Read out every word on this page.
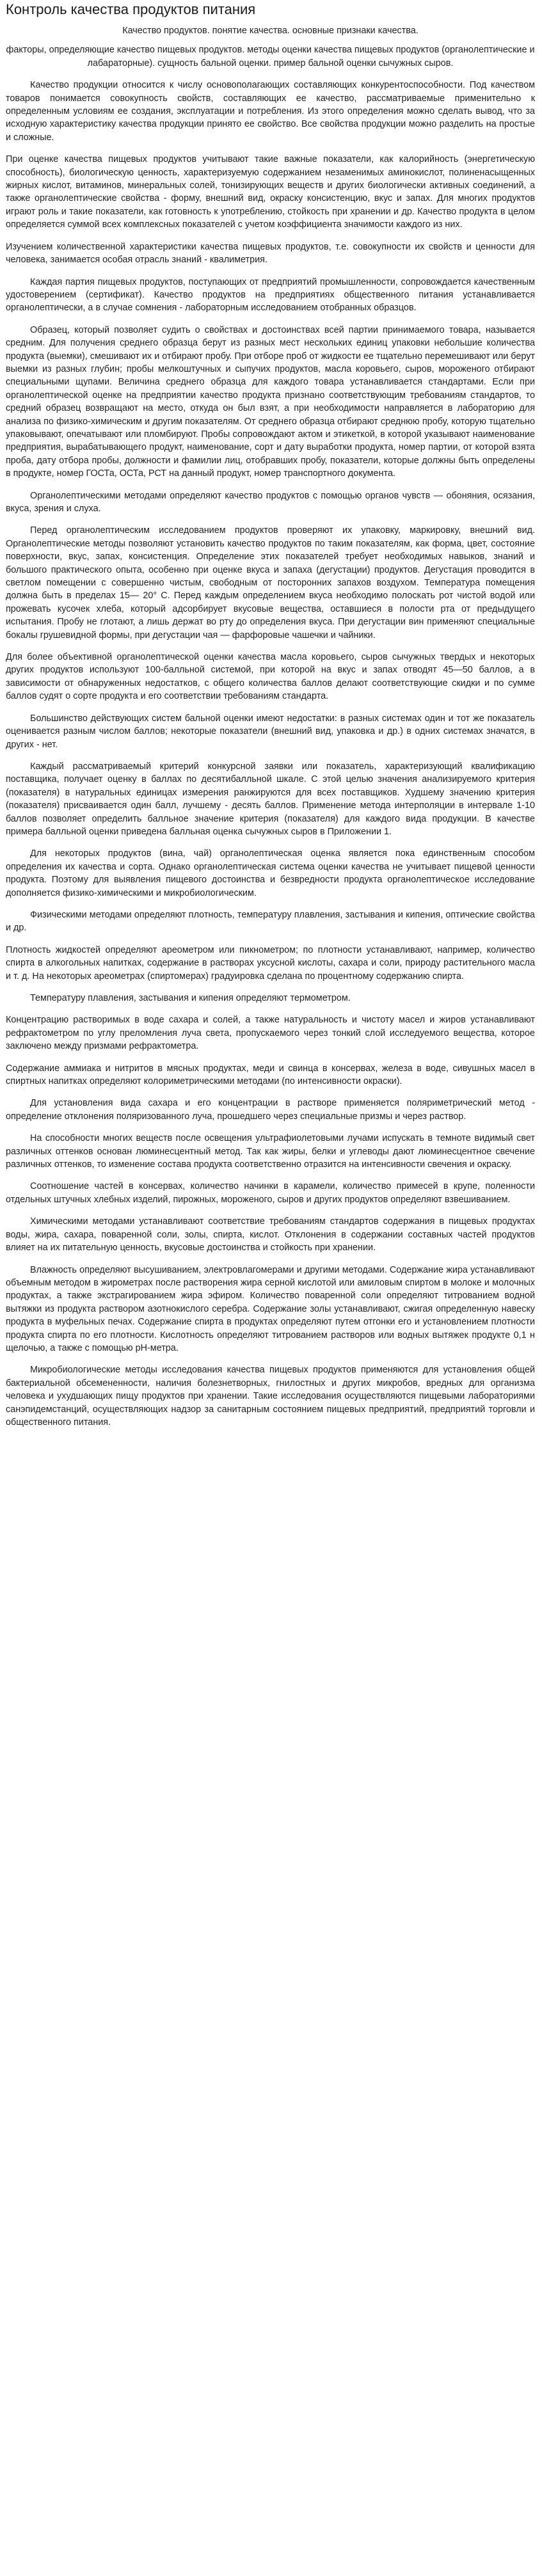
Контроль качества продуктов питания

Качество продуктов. понятие качества. основные признаки качества.

факторы, определяющие качество пищевых продуктов. методы оценки качества пищевых продуктов (органолептические и лабараторные). сущность бальной оценки. пример бальной оценки сычужных сыров.

Качество продукции относится к числу основополагающих составляющих конкурентоспособности. Под качеством товаров понимается совокупность свойств, составляющих ее качество, рассматриваемые применительно к определенным условиям ее создания, эксплуатации и потребления. Из этого определения можно сделать вывод, что за исходную характеристику качества продукции принято ее свойство. Все свойства продукции можно разделить на простые и сложные.

При оценке качества пищевых продуктов учитывают такие важные показатели, как калорийность (энергетическую способность), биологическую ценность, характеризуемую содержанием незаменимых аминокислот, полиненасыщенных жирных кислот, витаминов, минеральных солей, тонизирующих веществ и других биологически активных соединений, а также органолептические свойства - форму, внешний вид, окраску консистенцию, вкус и запах. Для многих продуктов играют роль и такие показатели, как готовность к употреблению, стойкость при хранении и др. Качество продукта в целом определяется суммой всех комплексных показателей с учетом коэффициента значимости каждого из них.

Изучением количественной характеристики качества пищевых продуктов, т.е. совокупности их свойств и ценности для человека, занимается особая отрасль знаний - квалиметрия.

Каждая партия пищевых продуктов, поступающих от предприятий промышленности, сопровождается качественным удостоверением (сертификат). Качество продуктов на предприятиях общественного питания устанавливается органолептически, а в случае сомнения - лабораторным исследованием отобранных образцов.

Образец, который позволяет судить о свойствах и достоинствах всей партии принимаемого товара, называется средним. Для получения среднего образца берут из разных мест нескольких единиц упаковки небольшие количества продукта (выемки), смешивают их и отбирают пробу. При отборе проб от жидкости ее тщательно перемешивают или берут выемки из разных глубин; пробы мелкоштучных и сыпучих продуктов, масла коровьего, сыров, мороженого отбирают специальными щупами. Величина среднего образца для каждого товара устанавливается стандартами. Если при органолептической оценке на предприятии качество продукта признано соответствующим требованиям стандартов, то средний образец возвращают на место, откуда он был взят, а при необходимости направляется в лабораторию для анализа по физико-химическим и другим показателям. От среднего образца отбирают среднюю пробу, которую тщательно упаковывают, опечатывают или пломбируют. Пробы сопровождают актом и этикеткой, в которой указывают наименование предприятия, вырабатывающего продукт, наименование, сорт и дату выработки продукта, номер партии, от которой взята проба, дату отбора пробы, должности и фамилии лиц, отобравших пробу, показатели, которые должны быть определены в продукте, номер ГОСТа, ОСТа, РСТ на данный продукт, номер транспортного документа.

Органолептическими методами определяют качество продуктов с помощью органов чувств — обоняния, осязания, вкуса, зрения и слуха.

Перед органолептическим исследованием продуктов проверяют их упаковку, маркировку, внешний вид. Органолептические методы позволяют установить качество продуктов по таким показателям, как форма, цвет, состояние поверхности, вкус, запах, консистенция. Определение этих показателей требует необходимых навыков, знаний и большого практического опыта, особенно при оценке вкуса и запаха (дегустации) продуктов. Дегустация проводится в светлом помещении с совершенно чистым, свободным от посторонних запахов воздухом. Температура помещения должна быть в пределах 15— 20° С. Перед каждым определением вкуса необходимо полоскать рот чистой водой или прожевать кусочек хлеба, который адсорбирует вкусовые вещества, оставшиеся в полости рта от предыдущего испытания. Пробу не глотают, а лишь держат во рту до определения вкуса. При дегустации вин применяют специальные бокалы грушевидной формы, при дегустации чая — фарфоровые чашечки и чайники.

Для более объективной органолептической оценки качества масла коровьего, сыров сычужных твердых и некоторых других продуктов используют 100-балльной системой, при которой на вкус и запах отводят 45—50 баллов, а в зависимости от обнаруженных недостатков, с общего количества баллов делают соответствующие скидки и по сумме баллов судят о сорте продукта и его соответствии требованиям стандарта.

Большинство действующих систем бальной оценки имеют недостатки: в разных системах один и тот же показатель оценивается разным числом баллов; некоторые показатели (внешний вид, упаковка и др.) в одних системах значатся, в других - нет.

Каждый рассматриваемый критерий конкурсной заявки или показатель, характеризующий квалификацию поставщика, получает оценку в баллах по десятибалльной шкале. С этой целью значения анализируемого критерия (показателя) в натуральных единицах измерения ранжируются для всех поставщиков. Худшему значению критерия (показателя) присваивается один балл, лучшему - десять баллов. Применение метода интерполяции в интервале 1-10 баллов позволяет определить балльное значение критерия (показателя) для каждого вида продукции. В качестве примера балльной оценки приведена балльная оценка сычужных сыров в Приложении 1.

Для некоторых продуктов (вина, чай) органолептическая оценка является пока единственным способом определения их качества и сорта. Однако органолептическая система оценки качества не учитывает пищевой ценности продукта. Поэтому для выявления пищевого достоинства и безвредности продукта органолептическое исследование дополняется физико-химическими и микробиологическим.

Физическими методами определяют плотность, температуру плавления, застывания и кипения, оптические свойства и др.

Плотность жидкостей определяют ареометром или пикнометром; по плотности устанавливают, например, количество спирта в алкогольных напитках, содержание в растворах уксусной кислоты, сахара и соли, природу растительного масла и т. д. На некоторых ареометрах (спиртомерах) градуировка сделана по процентному содержанию спирта.

Температуру плавления, застывания и кипения определяют термометром.

Концентрацию растворимых в воде сахара и солей, а также натуральность и чистоту масел и жиров устанавливают рефрактометром по углу преломления луча света, пропускаемого через тонкий слой исследуемого вещества, которое заключено между призмами рефрактометра.

Содержание аммиака и нитритов в мясных продуктах, меди и свинца в консервах, железа в воде, сивушных масел в спиртных напитках определяют колориметрическими методами (по интенсивности окраски).

Для установления вида сахара и его концентрации в растворе применяется поляриметрический метод - определение отклонения поляризованного луча, прошедшего через специальные призмы и через раствор.

На способности многих веществ после освещения ультрафиолетовыми лучами испускать в темноте видимый свет различных оттенков основан люминесцентный метод. Так как жиры, белки и углеводы дают люминесцентное свечение различных оттенков, то изменение состава продукта соответственно отразится на интенсивности свечения и окраску.

Соотношение частей в консервах, количество начинки в карамели, количество примесей в крупе, поленности отдельных штучных хлебных изделий, пирожных, мороженого, сыров и других продуктов определяют взвешиванием.

Химическими методами устанавливают соответствие требованиям стандартов содержания в пищевых продуктах воды, жира, сахара, поваренной соли, золы, спирта, кислот. Отклонения в содержании составных частей продуктов влияет на их питательную ценность, вкусовые достоинства и стойкость при хранении.

Влажность определяют высушиванием, электровлагомерами и другими методами. Содержание жира устанавливают объемным методом в жирометрах после растворения жира серной кислотой или амиловым спиртом в молоке и молочных продуктах, а также экстрагированием жира эфиром. Количество поваренной соли определяют титрованием водной вытяжки из продукта раствором азотнокислого серебра. Содержание золы устанавливают, сжигая определенную навеску продукта в муфельных печах. Содержание спирта в продуктах определяют путем отгонки его и установлением плотности продукта спирта по его плотности. Кислотность определяют титрованием растворов или водных вытяжек продукте 0,1 н щелочью, а также с помощью pH-метра.

Микробиологические методы исследования качества пищевых продуктов применяются для установления общей бактериальной обсемененности, наличия болезнетворных, гнилостных и других микробов, вредных для организма человека и ухудшающих пищу продуктов при хранении. Такие исследования осуществляются пищевыми лабораториями санэпидемстанций, осуществляющих надзор за санитарным состоянием пищевых предприятий, предприятий торговли и общественного питания.
